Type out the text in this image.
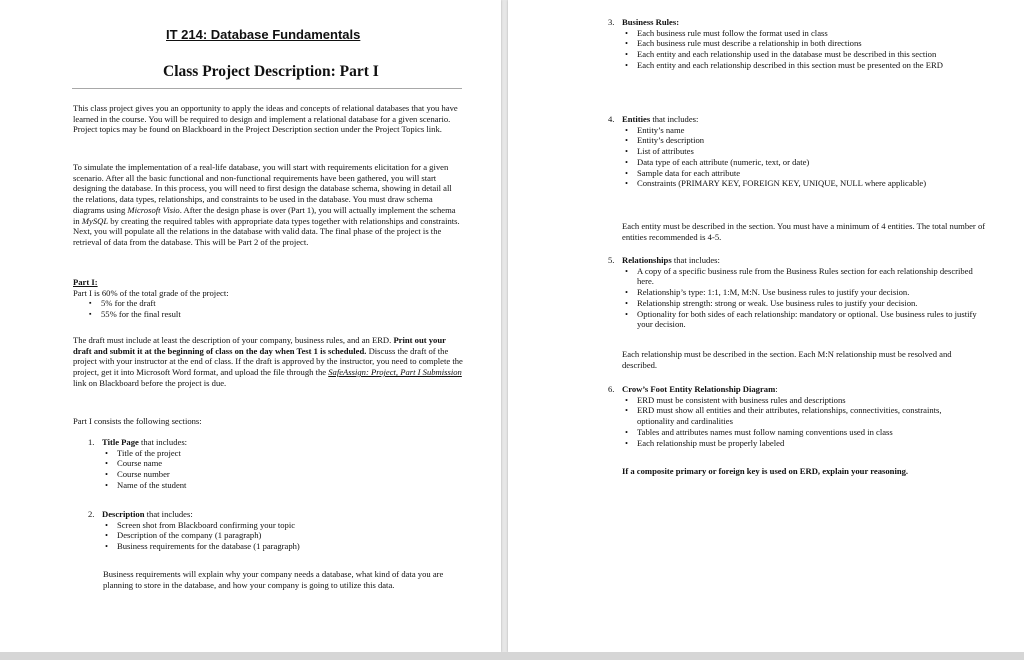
IT 214: Database Fundamentals
Class Project Description: Part I

This class project gives you an opportunity to apply the ideas and concepts of relational databases that you have learned in the course. You will be required to design and implement a relational database for a given scenario. Project topics may be found on Blackboard in the Project Description section under the Project Topics link.

To simulate the implementation of a real-life database, you will start with requirements elicitation for a given scenario. After all the basic functional and non-functional requirements have been gathered, you will start designing the database. In this process, you will need to first design the database schema, showing in detail all the relations, data types, relationships, and constraints to be used in the database. You must draw schema diagrams using Microsoft Visio. After the design phase is over (Part 1), you will actually implement the schema in MySQL by creating the required tables with appropriate data types together with relationships and constraints. Next, you will populate all the relations in the database with valid data. The final phase of the project is the retrieval of data from the database. This will be Part 2 of the project.

Part I:
Part I is 60% of the total grade of the project:
▪ 5% for the draft
▪ 55% for the final result

The draft must include at least the description of your company, business rules, and an ERD. Print out your draft and submit it at the beginning of class on the day when Test 1 is scheduled. Discuss the draft of the project with your instructor at the end of class. If the draft is approved by the instructor, you need to complete the project, get it into Microsoft Word format, and upload the file through the SafeAssign: Project, Part I Submission link on Blackboard before the project is due.

Part I consists the following sections:

1. Title Page that includes:
• Title of the project
• Course name
• Course number
• Name of the student
2. Description that includes:
• Screen shot from Blackboard confirming your topic
• Description of the company (1 paragraph)
• Business requirements for the database (1 paragraph)

Business requirements will explain why your company needs a database, what kind of data you are planning to store in the database, and how your company is going to utilize this data.

3. Business Rules:
• Each business rule must follow the format used in class
• Each business rule must describe a relationship in both directions
• Each entity and each relationship used in the database must be described in this section
• Each entity and each relationship described in this section must be presented on the ERD
4. Entities that includes:
• Entity’s name
• Entity’s description
• List of attributes
• Data type of each attribute (numeric, text, or date)
• Sample data for each attribute
• Constraints (PRIMARY KEY, FOREIGN KEY, UNIQUE, NULL where applicable)

Each entity must be described in the section. You must have a minimum of 4 entities. The total number of entities recommended is 4-5.

5. Relationships that includes:
• A copy of a specific business rule from the Business Rules section for each relationship described here.
• Relationship’s type: 1:1, 1:M, M:N. Use business rules to justify your decision.
• Relationship strength: strong or weak. Use business rules to justify your decision.
• Optionality for both sides of each relationship: mandatory or optional. Use business rules to justify your decision.

Each relationship must be described in the section. Each M:N relationship must be resolved and described.

6. Crow’s Foot Entity Relationship Diagram:
• ERD must be consistent with business rules and descriptions
• ERD must show all entities and their attributes, relationships, connectivities, constraints, optionality and cardinalities
• Tables and attributes names must follow naming conventions used in class
• Each relationship must be properly labeled

If a composite primary or foreign key is used on ERD, explain your reasoning.
